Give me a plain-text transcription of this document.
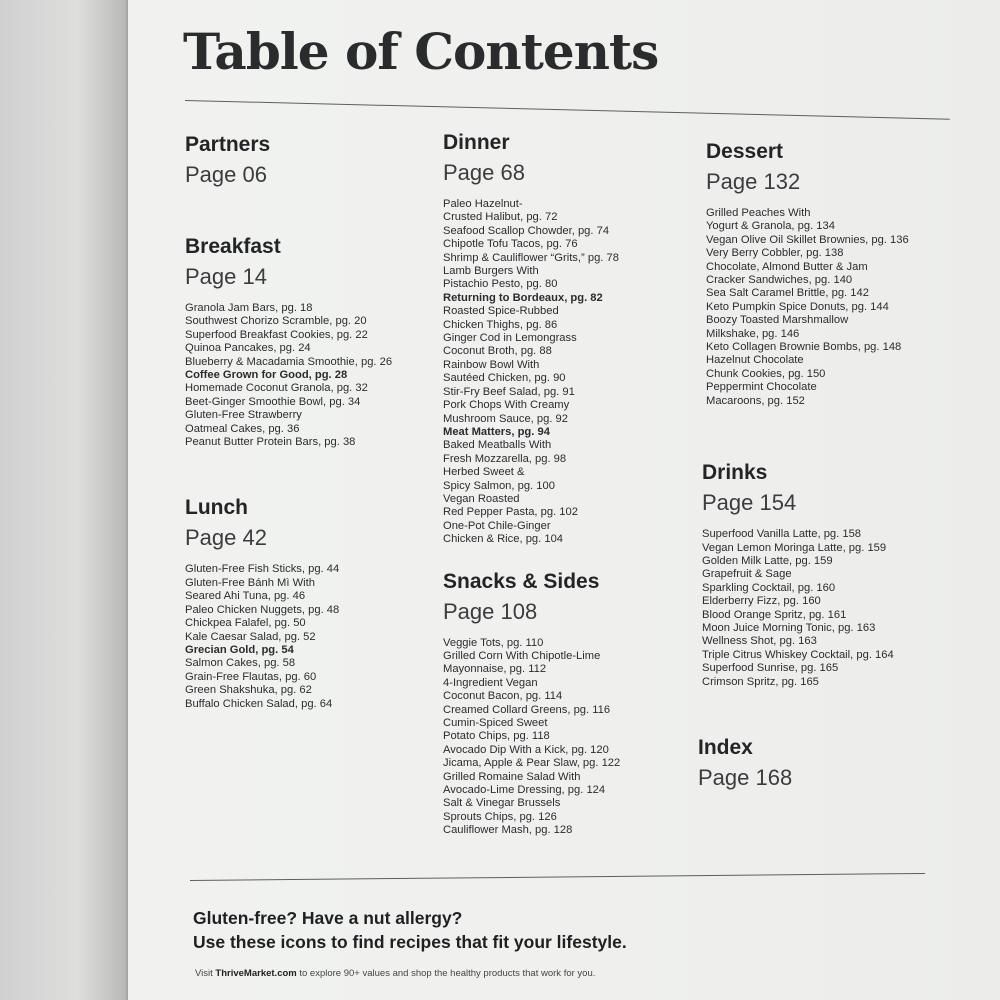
Table of Contents
Partners
Page 06
Breakfast
Page 14
Granola Jam Bars, pg. 18
Southwest Chorizo Scramble, pg. 20
Superfood Breakfast Cookies, pg. 22
Quinoa Pancakes, pg. 24
Blueberry & Macadamia Smoothie, pg. 26
Coffee Grown for Good, pg. 28
Homemade Coconut Granola, pg. 32
Beet-Ginger Smoothie Bowl, pg. 34
Gluten-Free Strawberry
Oatmeal Cakes, pg. 36
Peanut Butter Protein Bars, pg. 38
Lunch
Page 42
Gluten-Free Fish Sticks, pg. 44
Gluten-Free Bánh Mì With
Seared Ahi Tuna, pg. 46
Paleo Chicken Nuggets, pg. 48
Chickpea Falafel, pg. 50
Kale Caesar Salad, pg. 52
Grecian Gold, pg. 54
Salmon Cakes, pg. 58
Grain-Free Flautas, pg. 60
Green Shakshuka, pg. 62
Buffalo Chicken Salad, pg. 64
Dinner
Page 68
Paleo Hazelnut-
Crusted Halibut, pg. 72
Seafood Scallop Chowder, pg. 74
Chipotle Tofu Tacos, pg. 76
Shrimp & Cauliflower “Grits,” pg. 78
Lamb Burgers With
Pistachio Pesto, pg. 80
Returning to Bordeaux, pg. 82
Roasted Spice-Rubbed
Chicken Thighs, pg. 86
Ginger Cod in Lemongrass
Coconut Broth, pg. 88
Rainbow Bowl With
Sautéed Chicken, pg. 90
Stir-Fry Beef Salad, pg. 91
Pork Chops With Creamy
Mushroom Sauce, pg. 92
Meat Matters, pg. 94
Baked Meatballs With
Fresh Mozzarella, pg. 98
Herbed Sweet &
Spicy Salmon, pg. 100
Vegan Roasted
Red Pepper Pasta, pg. 102
One-Pot Chile-Ginger
Chicken & Rice, pg. 104
Snacks & Sides
Page 108
Veggie Tots, pg. 110
Grilled Corn With Chipotle-Lime
Mayonnaise, pg. 112
4-Ingredient Vegan
Coconut Bacon, pg. 114
Creamed Collard Greens, pg. 116
Cumin-Spiced Sweet
Potato Chips, pg. 118
Avocado Dip With a Kick, pg. 120
Jicama, Apple & Pear Slaw, pg. 122
Grilled Romaine Salad With
Avocado-Lime Dressing, pg. 124
Salt & Vinegar Brussels
Sprouts Chips, pg. 126
Cauliflower Mash, pg. 128
Dessert
Page 132
Grilled Peaches With
Yogurt & Granola, pg. 134
Vegan Olive Oil Skillet Brownies, pg. 136
Very Berry Cobbler, pg. 138
Chocolate, Almond Butter & Jam
Cracker Sandwiches, pg. 140
Sea Salt Caramel Brittle, pg. 142
Keto Pumpkin Spice Donuts, pg. 144
Boozy Toasted Marshmallow
Milkshake, pg. 146
Keto Collagen Brownie Bombs, pg. 148
Hazelnut Chocolate
Chunk Cookies, pg. 150
Peppermint Chocolate
Macaroons, pg. 152
Drinks
Page 154
Superfood Vanilla Latte, pg. 158
Vegan Lemon Moringa Latte, pg. 159
Golden Milk Latte, pg. 159
Grapefruit & Sage
Sparkling Cocktail, pg. 160
Elderberry Fizz, pg. 160
Blood Orange Spritz, pg. 161
Moon Juice Morning Tonic, pg. 163
Wellness Shot, pg. 163
Triple Citrus Whiskey Cocktail, pg. 164
Superfood Sunrise, pg. 165
Crimson Spritz, pg. 165
Index
Page 168
Gluten-free? Have a nut allergy?
Use these icons to find recipes that fit your lifestyle.
Visit ThriveMarket.com to explore 90+ values and shop the healthy products that work for you.
